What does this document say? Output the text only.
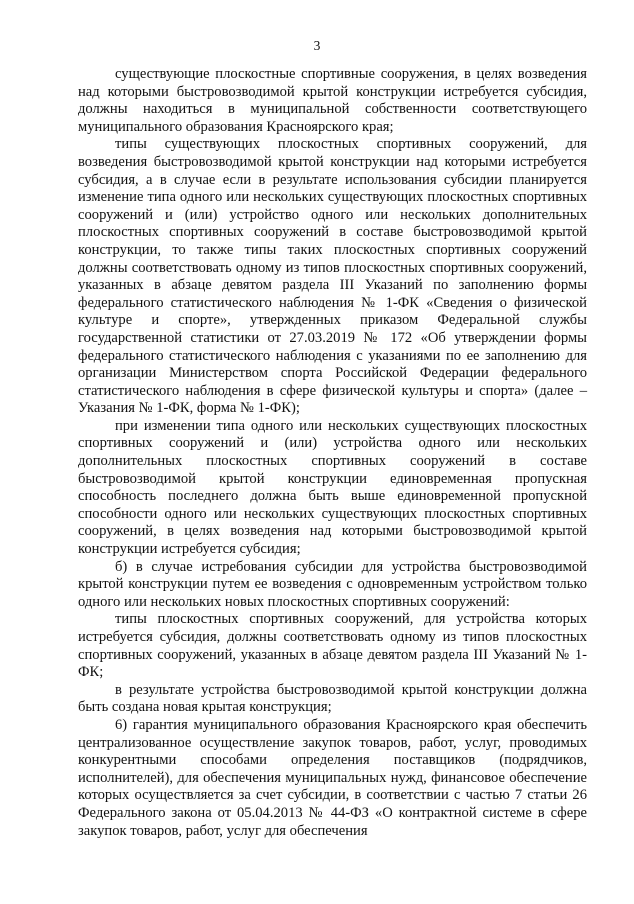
3

существующие плоскостные спортивные сооружения, в целях возведения над которыми быстровозводимой крытой конструкции истребуется субсидия, должны находиться в муниципальной собственности соответствующего муниципального образования Красноярского края;

типы существующих плоскостных спортивных сооружений, для возведения быстровозводимой крытой конструкции над которыми истребуется субсидия, а в случае если в результате использования субсидии планируется изменение типа одного или нескольких существующих плоскостных спортивных сооружений и (или) устройство одного или нескольких дополнительных плоскостных спортивных сооружений в составе быстровозводимой крытой конструкции, то также типы таких плоскостных спортивных сооружений должны соответствовать одному из типов плоскостных спортивных сооружений, указанных в абзаце девятом раздела III Указаний по заполнению формы федерального статистического наблюдения № 1-ФК «Сведения о физической культуре и спорте», утвержденных приказом Федеральной службы государственной статистики от 27.03.2019 № 172 «Об утверждении формы федерального статистического наблюдения с указаниями по ее заполнению для организации Министерством спорта Российской Федерации федерального статистического наблюдения в сфере физической культуры и спорта» (далее – Указания № 1-ФК, форма № 1-ФК);

при изменении типа одного или нескольких существующих плоскостных спортивных сооружений и (или) устройства одного или нескольких дополнительных плоскостных спортивных сооружений в составе быстровозводимой крытой конструкции единовременная пропускная способность последнего должна быть выше единовременной пропускной способности одного или нескольких существующих плоскостных спортивных сооружений, в целях возведения над которыми быстровозводимой крытой конструкции истребуется субсидия;

б) в случае истребования субсидии для устройства быстровозводимой крытой конструкции путем ее возведения с одновременным устройством только одного или нескольких новых плоскостных спортивных сооружений:

типы плоскостных спортивных сооружений, для устройства которых истребуется субсидия, должны соответствовать одному из типов плоскостных спортивных сооружений, указанных в абзаце девятом раздела III Указаний № 1-ФК;

в результате устройства быстровозводимой крытой конструкции должна быть создана новая крытая конструкция;

6) гарантия муниципального образования Красноярского края обеспечить централизованное осуществление закупок товаров, работ, услуг, проводимых конкурентными способами определения поставщиков (подрядчиков, исполнителей), для обеспечения муниципальных нужд, финансовое обеспечение которых осуществляется за счет субсидии, в соответствии с частью 7 статьи 26 Федерального закона от 05.04.2013 № 44-ФЗ «О контрактной системе в сфере закупок товаров, работ, услуг для обеспечения
